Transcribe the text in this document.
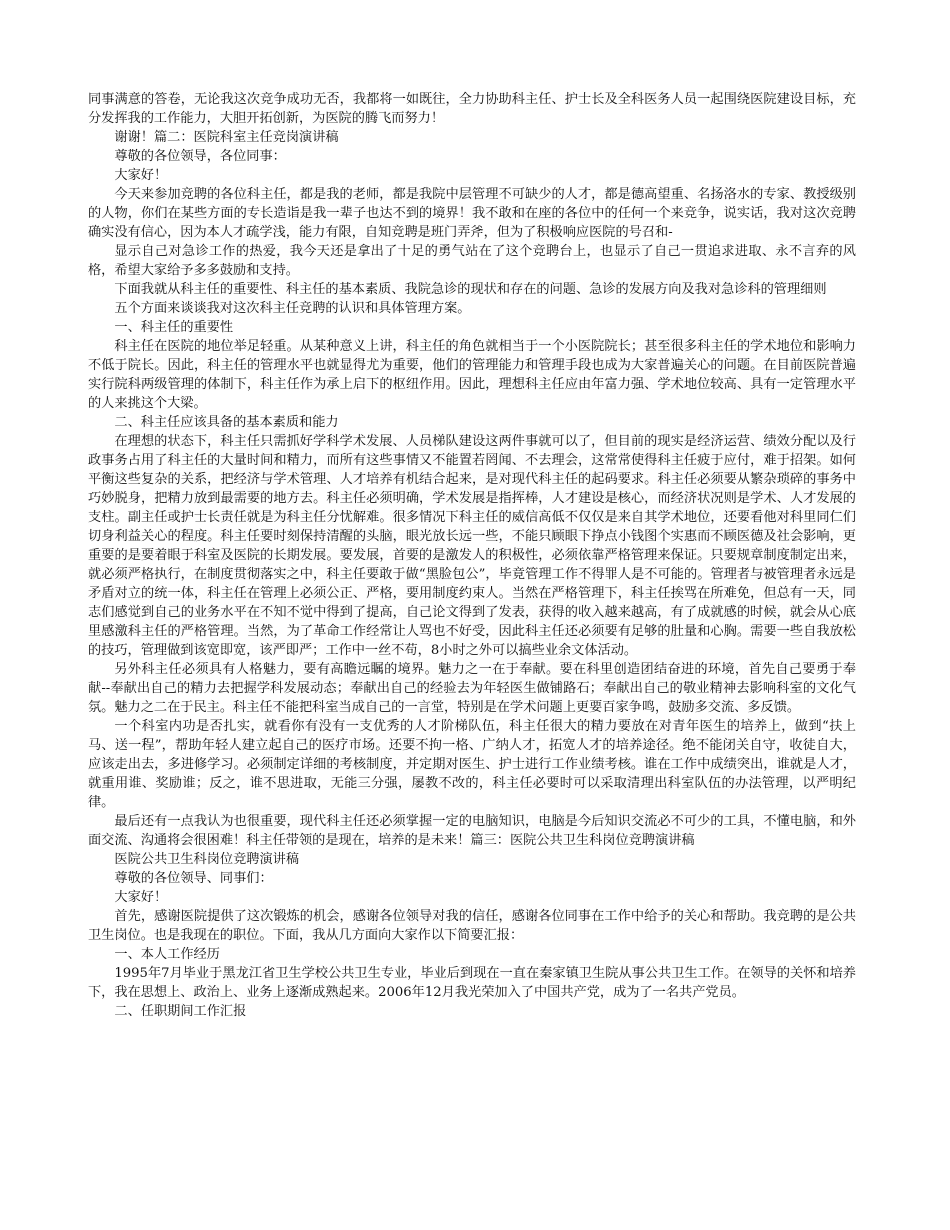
同事满意的答卷，无论我这次竞争成功无否，我都将一如既往，全力协助科主任、护士长及全科医务人员一起围绕医院建设目标，充分发挥我的工作能力，大胆开拓创新，为医院的腾飞而努力！

谢谢！篇二：医院科室主任竞岗演讲稿

尊敬的各位领导，各位同事：

大家好！

今天来参加竞聘的各位科主任，都是我的老师，都是我院中层管理不可缺少的人才，都是德高望重、名扬洛水的专家、教授级别的人物，你们在某些方面的专长造诣是我一辈子也达不到的境界！我不敢和在座的各位中的任何一个来竞争，说实话，我对这次竞聘确实没有信心，因为本人才疏学浅，能力有限，自知竞聘是班门弄斧，但为了积极响应医院的号召和-

显示自己对急诊工作的热爱，我今天还是拿出了十足的勇气站在了这个竞聘台上，也显示了自己一贯追求进取、永不言弃的风格，希望大家给予多多鼓励和支持。

下面我就从科主任的重要性、科主任的基本素质、我院急诊的现状和存在的问题、急诊的发展方向及我对急诊科的管理细则

五个方面来谈谈我对这次科主任竞聘的认识和具体管理方案。

一、科主任的重要性

科主任在医院的地位举足轻重。从某种意义上讲，科主任的角色就相当于一个小医院院长；甚至很多科主任的学术地位和影响力不低于院长。因此，科主任的管理水平也就显得尤为重要，他们的管理能力和管理手段也成为大家普遍关心的问题。在目前医院普遍实行院科两级管理的体制下，科主任作为承上启下的枢纽作用。因此，理想科主任应由年富力强、学术地位较高、具有一定管理水平的人来挑这个大梁。

二、科主任应该具备的基本素质和能力

在理想的状态下，科主任只需抓好学科学术发展、人员梯队建设这两件事就可以了，但目前的现实是经济运营、绩效分配以及行政事务占用了科主任的大量时间和精力，而所有这些事情又不能置若罔闻、不去理会，这常常使得科主任疲于应付，难于招架。如何平衡这些复杂的关系，把经济与学术管理、人才培养有机结合起来，是对现代科主任的起码要求。科主任必须要从繁杂琐碎的事务中巧妙脱身，把精力放到最需要的地方去。科主任必须明确，学术发展是指挥棒，人才建设是核心，而经济状况则是学术、人才发展的支柱。副主任或护士长责任就是为科主任分忧解难。很多情况下科主任的威信高低不仅仅是来自其学术地位，还要看他对科里同仁们切身利益关心的程度。科主任要时刻保持清醒的头脑，眼光放长远一些，不能只顾眼下挣点小钱图个实惠而不顾医德及社会影响，更重要的是要着眼于科室及医院的长期发展。要发展，首要的是激发人的积极性，必须依靠严格管理来保证。只要规章制度制定出来，就必须严格执行，在制度贯彻落实之中，科主任要敢于做“黑脸包公”，毕竟管理工作不得罪人是不可能的。管理者与被管理者永远是矛盾对立的统一体，科主任在管理上必须公正、严格，要用制度约束人。当然在严格管理下，科主任挨骂在所难免，但总有一天，同志们感觉到自己的业务水平在不知不觉中得到了提高，自己论文得到了发表，获得的收入越来越高，有了成就感的时候，就会从心底里感激科主任的严格管理。当然，为了革命工作经常让人骂也不好受，因此科主任还必须要有足够的肚量和心胸。需要一些自我放松的技巧，管理做到该宽即宽，该严即严；工作中一丝不苟，8小时之外可以搞些业余文体活动。

另外科主任必须具有人格魅力，要有高瞻远瞩的境界。魅力之一在于奉献。要在科里创造团结奋进的环境，首先自己要勇于奉献--奉献出自己的精力去把握学科发展动态；奉献出自己的经验去为年轻医生做铺路石；奉献出自己的敬业精神去影响科室的文化气氛。魅力之二在于民主。科主任不能把科室当成自己的一言堂，特别是在学术问题上更要百家争鸣，鼓励多交流、多反馈。

一个科室内功是否扎实，就看你有没有一支优秀的人才阶梯队伍，科主任很大的精力要放在对青年医生的培养上，做到“扶上马、送一程”，帮助年轻人建立起自己的医疗市场。还要不拘一格、广纳人才，拓宽人才的培养途径。绝不能闭关自守，收徒自大，应该走出去，多进修学习。必须制定详细的考核制度，并定期对医生、护士进行工作业绩考核。谁在工作中成绩突出，谁就是人才，就重用谁、奖励谁；反之，谁不思进取，无能三分强，屡教不改的，科主任必要时可以采取清理出科室队伍的办法管理，以严明纪律。

最后还有一点我认为也很重要，现代科主任还必须掌握一定的电脑知识，电脑是今后知识交流必不可少的工具，不懂电脑，和外面交流、沟通将会很困难！科主任带领的是现在，培养的是未来！篇三：医院公共卫生科岗位竞聘演讲稿

医院公共卫生科岗位竞聘演讲稿

尊敬的各位领导、同事们：

大家好！

首先，感谢医院提供了这次锻炼的机会，感谢各位领导对我的信任，感谢各位同事在工作中给予的关心和帮助。我竞聘的是公共卫生岗位。也是我现在的职位。下面，我从几方面向大家作以下简要汇报：

一、本人工作经历

1995年7月毕业于黑龙江省卫生学校公共卫生专业，毕业后到现在一直在秦家镇卫生院从事公共卫生工作。在领导的关怀和培养下，我在思想上、政治上、业务上逐渐成熟起来。2006年12月我光荣加入了中国共产党，成为了一名共产党员。

二、任职期间工作汇报
